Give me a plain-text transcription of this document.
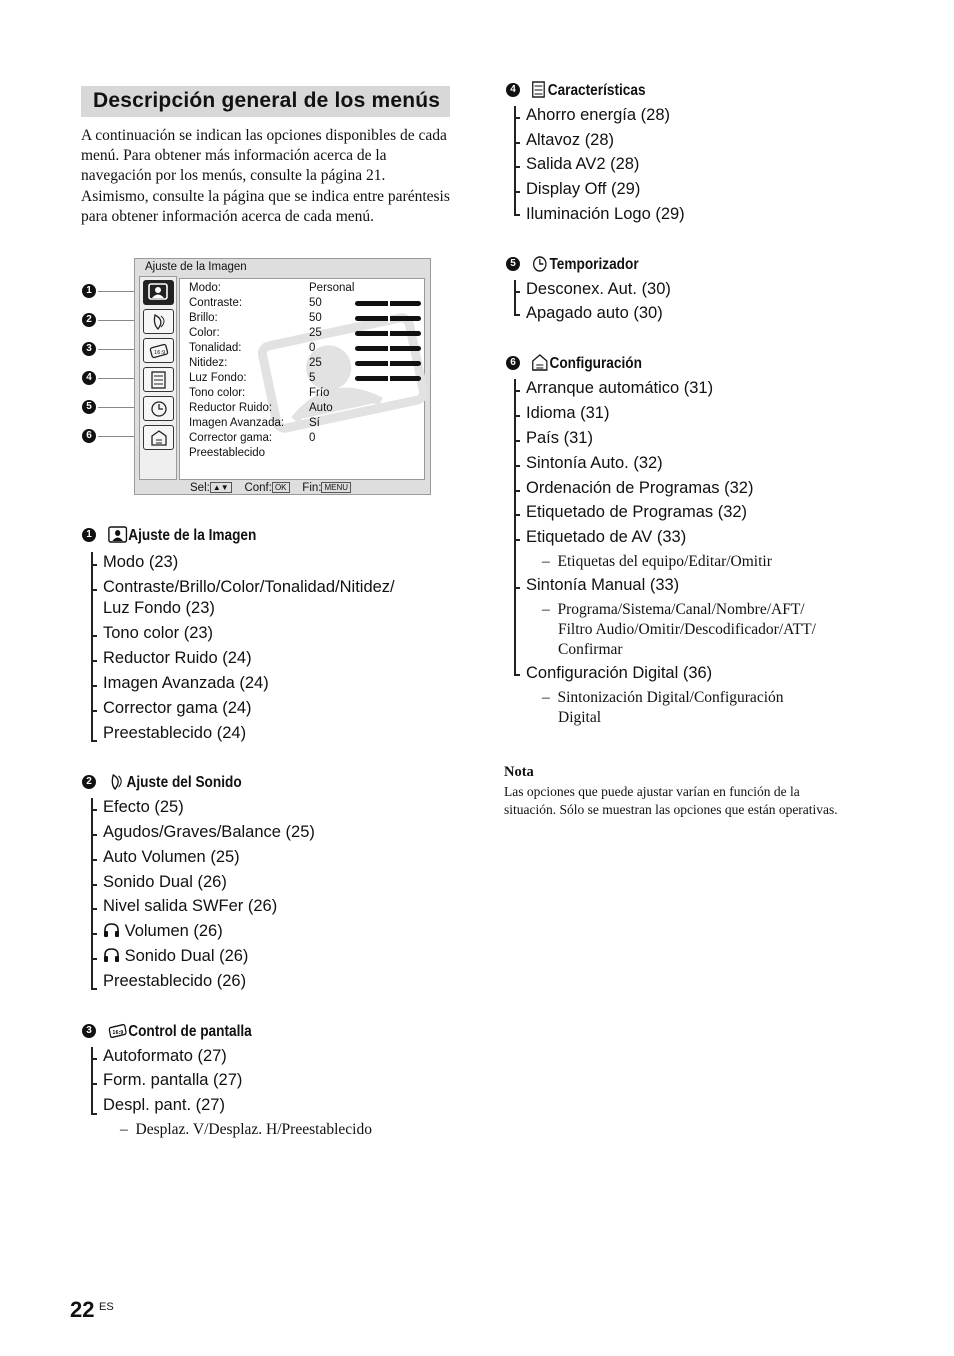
Descripción general de los menús
A continuación se indican las opciones disponibles de cada menú. Para obtener más información acerca de la navegación por los menús, consulte la página 21. Asimismo, consulte la página que se indica entre paréntesis para obtener información acerca de cada menú.
1
2
3
4
5
6
Ajuste de la Imagen
16:9
Modo:	Personal
Contraste:	50
Brillo:	50
Color:	25
Tonalidad:	0
Nitidez:	25
Luz Fondo:	5
Tono color:	Frío
Reductor Ruido:	Auto
Imagen Avanzada: Sí
Corrector gama:	0
Preestablecido
Sel: ▲▼ Conf: OK Fin: MENU
1	Ajuste de la Imagen
Modo (23)
Contraste/Brillo/Color/Tonalidad/Nitidez/
Luz Fondo (23)
Tono color (23)
Reductor Ruido (24)
Imagen Avanzada (24)
Corrector gama (24)
Preestablecido (24)
2	Ajuste del Sonido
Efecto (25)
Agudos/Graves/Balance (25)
Auto Volumen (25)
Sonido Dual (26)
Nivel salida SWFer (26)
Volumen (26)
Sonido Dual (26)
Preestablecido (26)
3	16:9 Control de pantalla
Autoformato (27)
Form. pantalla (27)
Despl. pant. (27)
–  Desplaz. V/Desplaz. H/Preestablecido
4	Características
Ahorro energía (28)
Altavoz (28)
Salida AV2 (28)
Display Off (29)
Iluminación Logo (29)
5	Temporizador
Desconex. Aut. (30)
Apagado auto (30)
6	Configuración
Arranque automático (31)
Idioma (31)
País (31)
Sintonía Auto. (32)
Ordenación de Programas (32)
Etiquetado de Programas (32)
Etiquetado de AV (33)
–  Etiquetas del equipo/Editar/Omitir
Sintonía Manual (33)
–  Programa/Sistema/Canal/Nombre/AFT/
Filtro Audio/Omitir/Descodificador/ATT/
Confirmar
Configuración Digital (36)
–  Sintonización Digital/Configuración
Digital
Nota
Las opciones que puede ajustar varían en función de la situación. Sólo se muestran las opciones que están operativas.
22 ES
